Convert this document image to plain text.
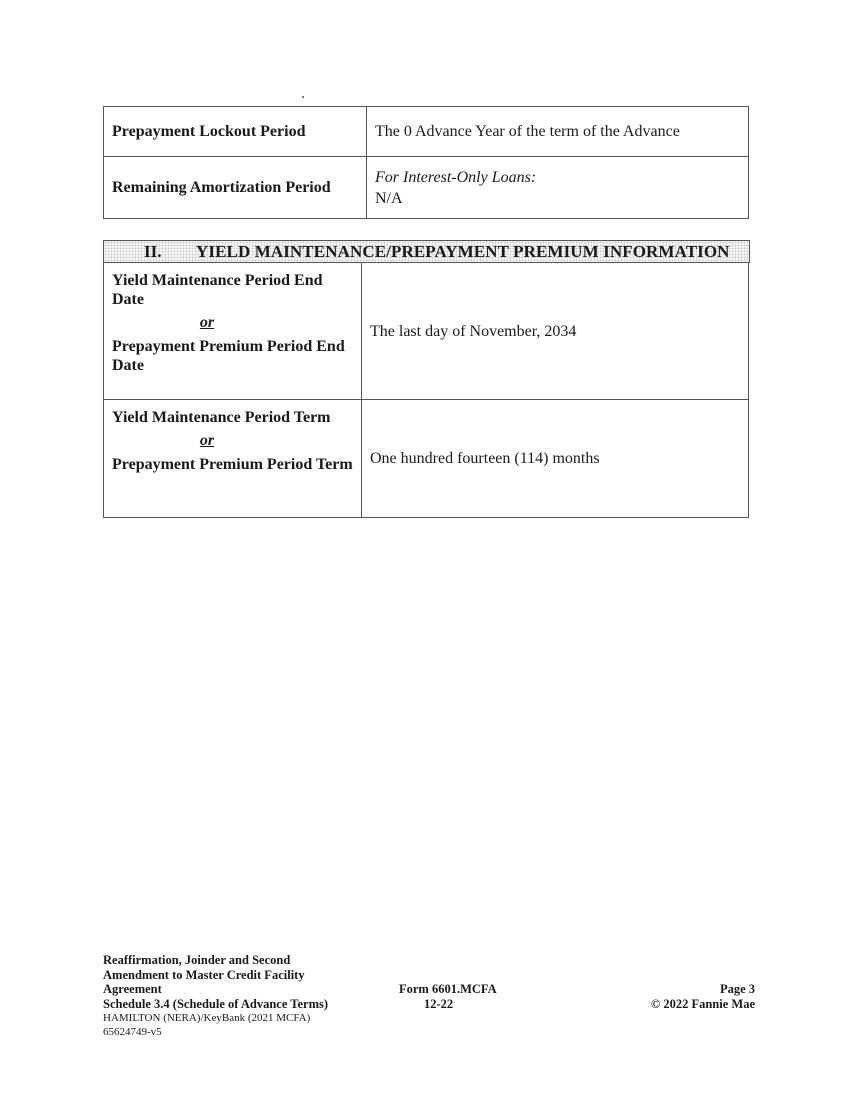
Prepayment Lockout Period	The 0 Advance Year of the term of the Advance
Remaining Amortization Period	For Interest-Only Loans:
N/A
II. YIELD MAINTENANCE/PREPAYMENT PREMIUM INFORMATION
Yield Maintenance Period End Date
or
Prepayment Premium Period End Date	The last day of November, 2034

Yield Maintenance Period Term
or
Prepayment Premium Period Term	One hundred fourteen (114) months
Reaffirmation, Joinder and Second
Amendment to Master Credit Facility
Agreement
Schedule 3.4 (Schedule of Advance Terms)
HAMILTON (NERA)/KeyBank (2021 MCFA)
65624749-v5
Form 6601.MCFA
12-22
Page 3
© 2022 Fannie Mae
